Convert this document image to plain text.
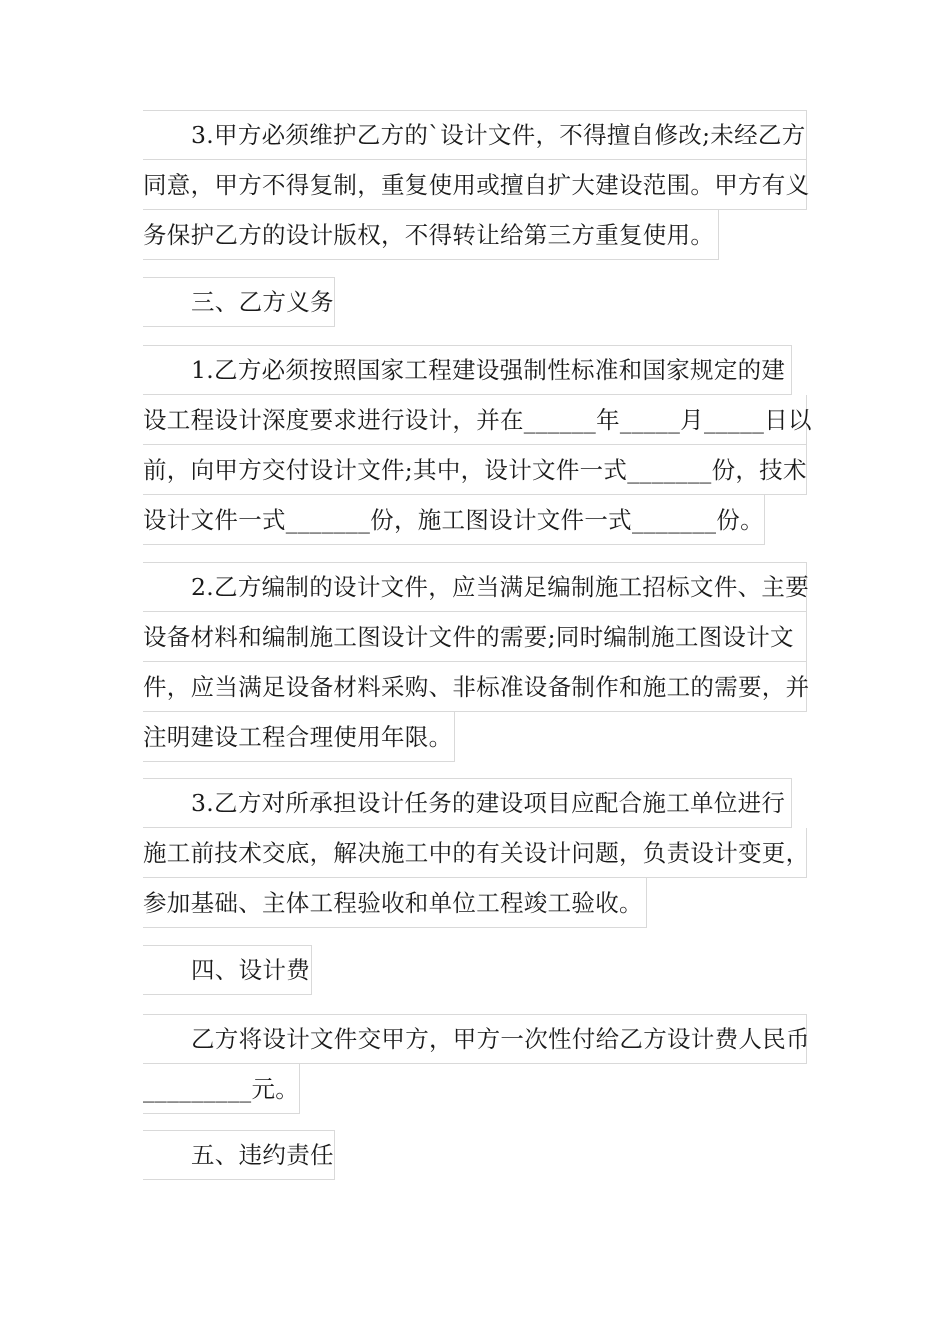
3.甲方必须维护乙方的`设计文件，不得擅自修改;未经乙方
同意，甲方不得复制，重复使用或擅自扩大建设范围。甲方有义
务保护乙方的设计版权，不得转让给第三方重复使用。
三、乙方义务
1.乙方必须按照国家工程建设强制性标准和国家规定的建
设工程设计深度要求进行设计，并在______年_____月_____日以
前，向甲方交付设计文件;其中，设计文件一式_______份，技术
设计文件一式_______份，施工图设计文件一式_______份。
2.乙方编制的设计文件，应当满足编制施工招标文件、主要
设备材料和编制施工图设计文件的需要;同时编制施工图设计文
件，应当满足设备材料采购、非标准设备制作和施工的需要，并
注明建设工程合理使用年限。
3.乙方对所承担设计任务的建设项目应配合施工单位进行
施工前技术交底，解决施工中的有关设计问题，负责设计变更，
参加基础、主体工程验收和单位工程竣工验收。
四、设计费
乙方将设计文件交甲方，甲方一次性付给乙方设计费人民币
_________元。
五、违约责任
